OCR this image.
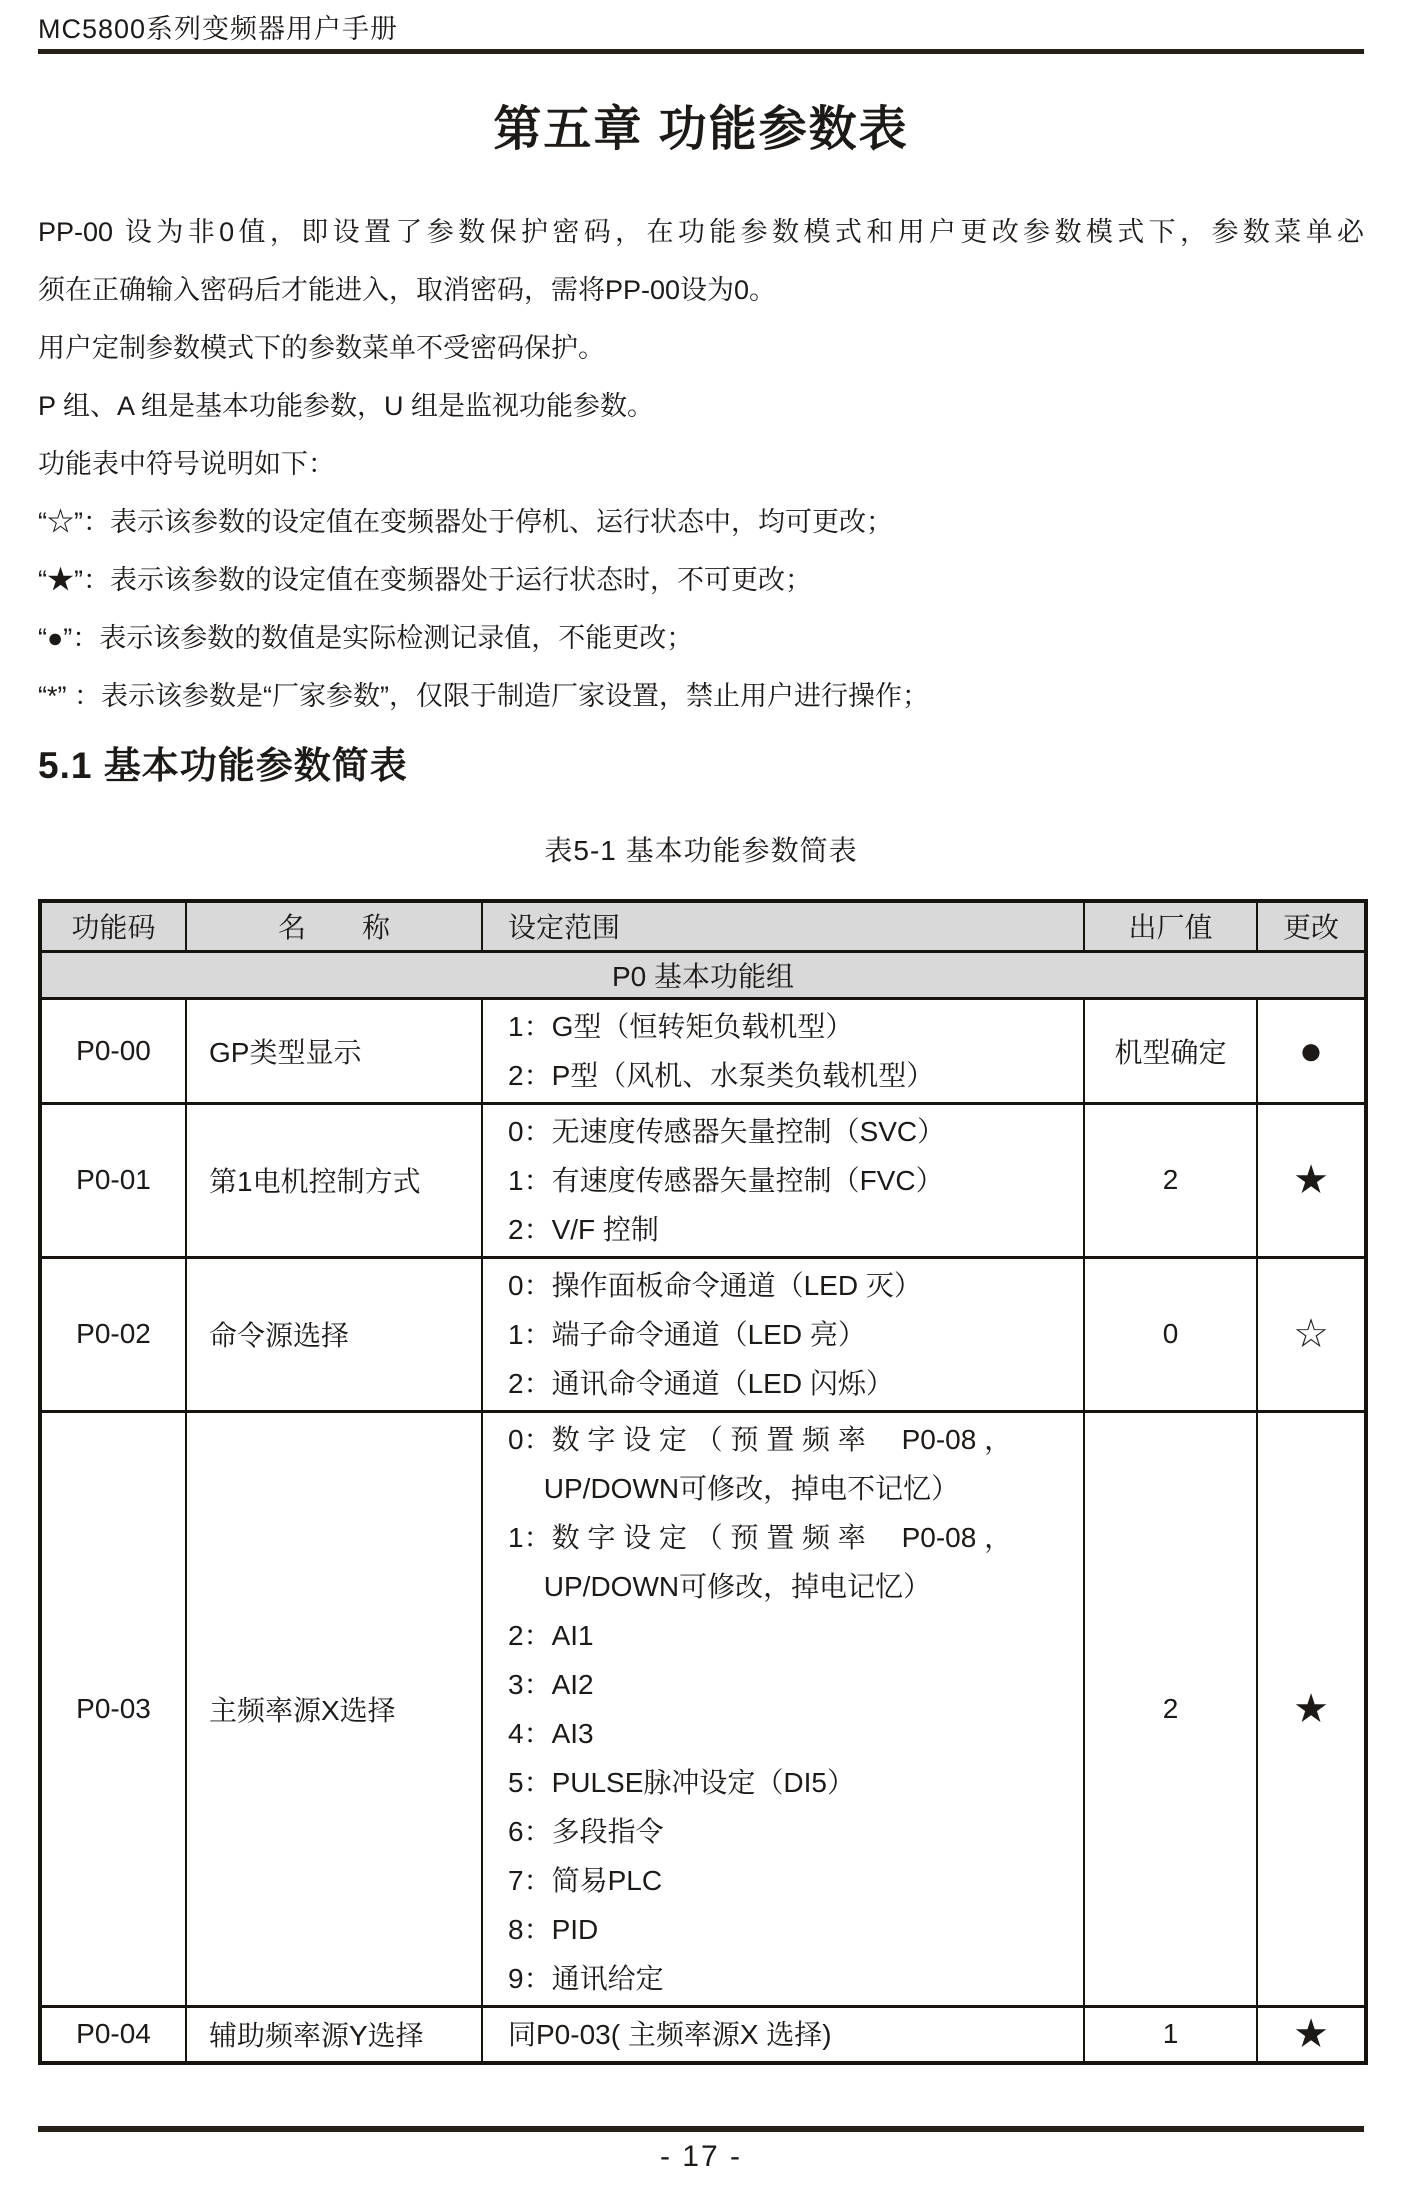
MC5800系列变频器用户手册
第五章 功能参数表
PP-00 设为非0值，即设置了参数保护密码，在功能参数模式和用户更改参数模式下，参数菜单必
须在正确输入密码后才能进入，取消密码，需将PP-00设为0。
用户定制参数模式下的参数菜单不受密码保护。
P 组、A 组是基本功能参数，U 组是监视功能参数。
功能表中符号说明如下：
“☆”：表示该参数的设定值在变频器处于停机、运行状态中，均可更改；
“★”：表示该参数的设定值在变频器处于运行状态时，不可更改；
“●”：表示该参数的数值是实际检测记录值，不能更改；
“*” ：表示该参数是“厂家参数”，仅限于制造厂家设置，禁止用户进行操作；
5.1 基本功能参数简表
表5-1 基本功能参数简表
功能码	名　　称	设定范围	出厂值	更改
P0 基本功能组				
P0-00	GP类型显示	1：G型（恒转矩负载机型）
2：P型（风机、水泵类负载机型）	机型确定	●
P0-01	第1电机控制方式	0：无速度传感器矢量控制（SVC）
1：有速度传感器矢量控制（FVC）
2：V/F 控制	2	★
P0-02	命令源选择	0：操作面板命令通道（LED 灭）
1：端子命令通道（LED 亮）
2：通讯命令通道（LED 闪烁）	0	☆
P0-03	主频率源X选择	
0：数 字 设 定 （ 预 置 频 率　 P0-08 ，
　 UP/DOWN可修改，掉电不记忆）
1：数 字 设 定 （ 预 置 频 率　 P0-08 ，
　 UP/DOWN可修改，掉电记忆）
2：AI1
3：AI2
4：AI3
5：PULSE脉冲设定（DI5）
6：多段指令
7：简易PLC
8：PID
9：通讯给定
	2	★
P0-04	辅助频率源Y选择	同P0-03( 主频率源X 选择)	1	★
- 17 -
